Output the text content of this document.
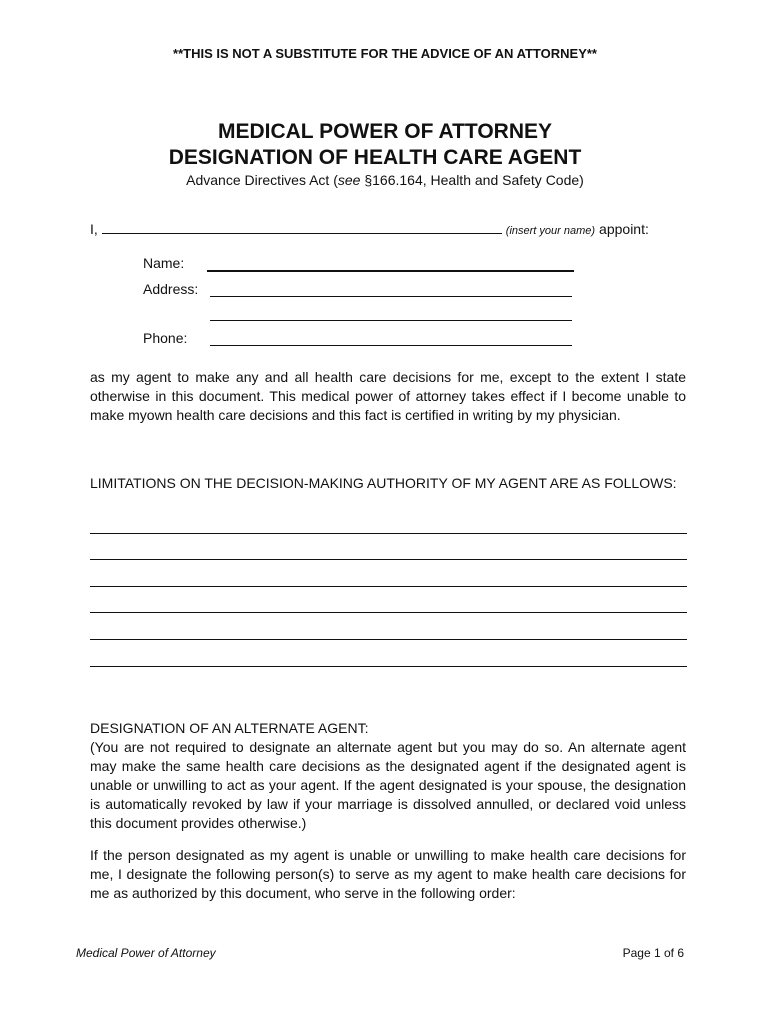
**THIS IS NOT A SUBSTITUTE FOR THE ADVICE OF AN ATTORNEY**
MEDICAL POWER OF ATTORNEY
DESIGNATION OF HEALTH CARE AGENT
Advance Directives Act (see §166.164, Health and Safety Code)
I,	(insert your name) appoint:
Name:
Address:
Phone:
as my agent to make any and all health care decisions for me, except to the extent I state otherwise in this document. This medical power of attorney takes effect if I become unable to make myown health care decisions and this fact is certified in writing by my physician.
LIMITATIONS ON THE DECISION-MAKING AUTHORITY OF MY AGENT ARE AS FOLLOWS:
DESIGNATION OF AN ALTERNATE AGENT:
(You are not required to designate an alternate agent but you may do so. An alternate agent may make the same health care decisions as the designated agent if the designated agent is unable or unwilling to act as your agent. If the agent designated is your spouse, the designation is automatically revoked by law if your marriage is dissolved annulled, or declared void unless this document provides otherwise.)
If the person designated as my agent is unable or unwilling to make health care decisions for me, I designate the following person(s) to serve as my agent to make health care decisions for me as authorized by this document, who serve in the following order:
Medical Power of Attorney	Page 1 of 6
